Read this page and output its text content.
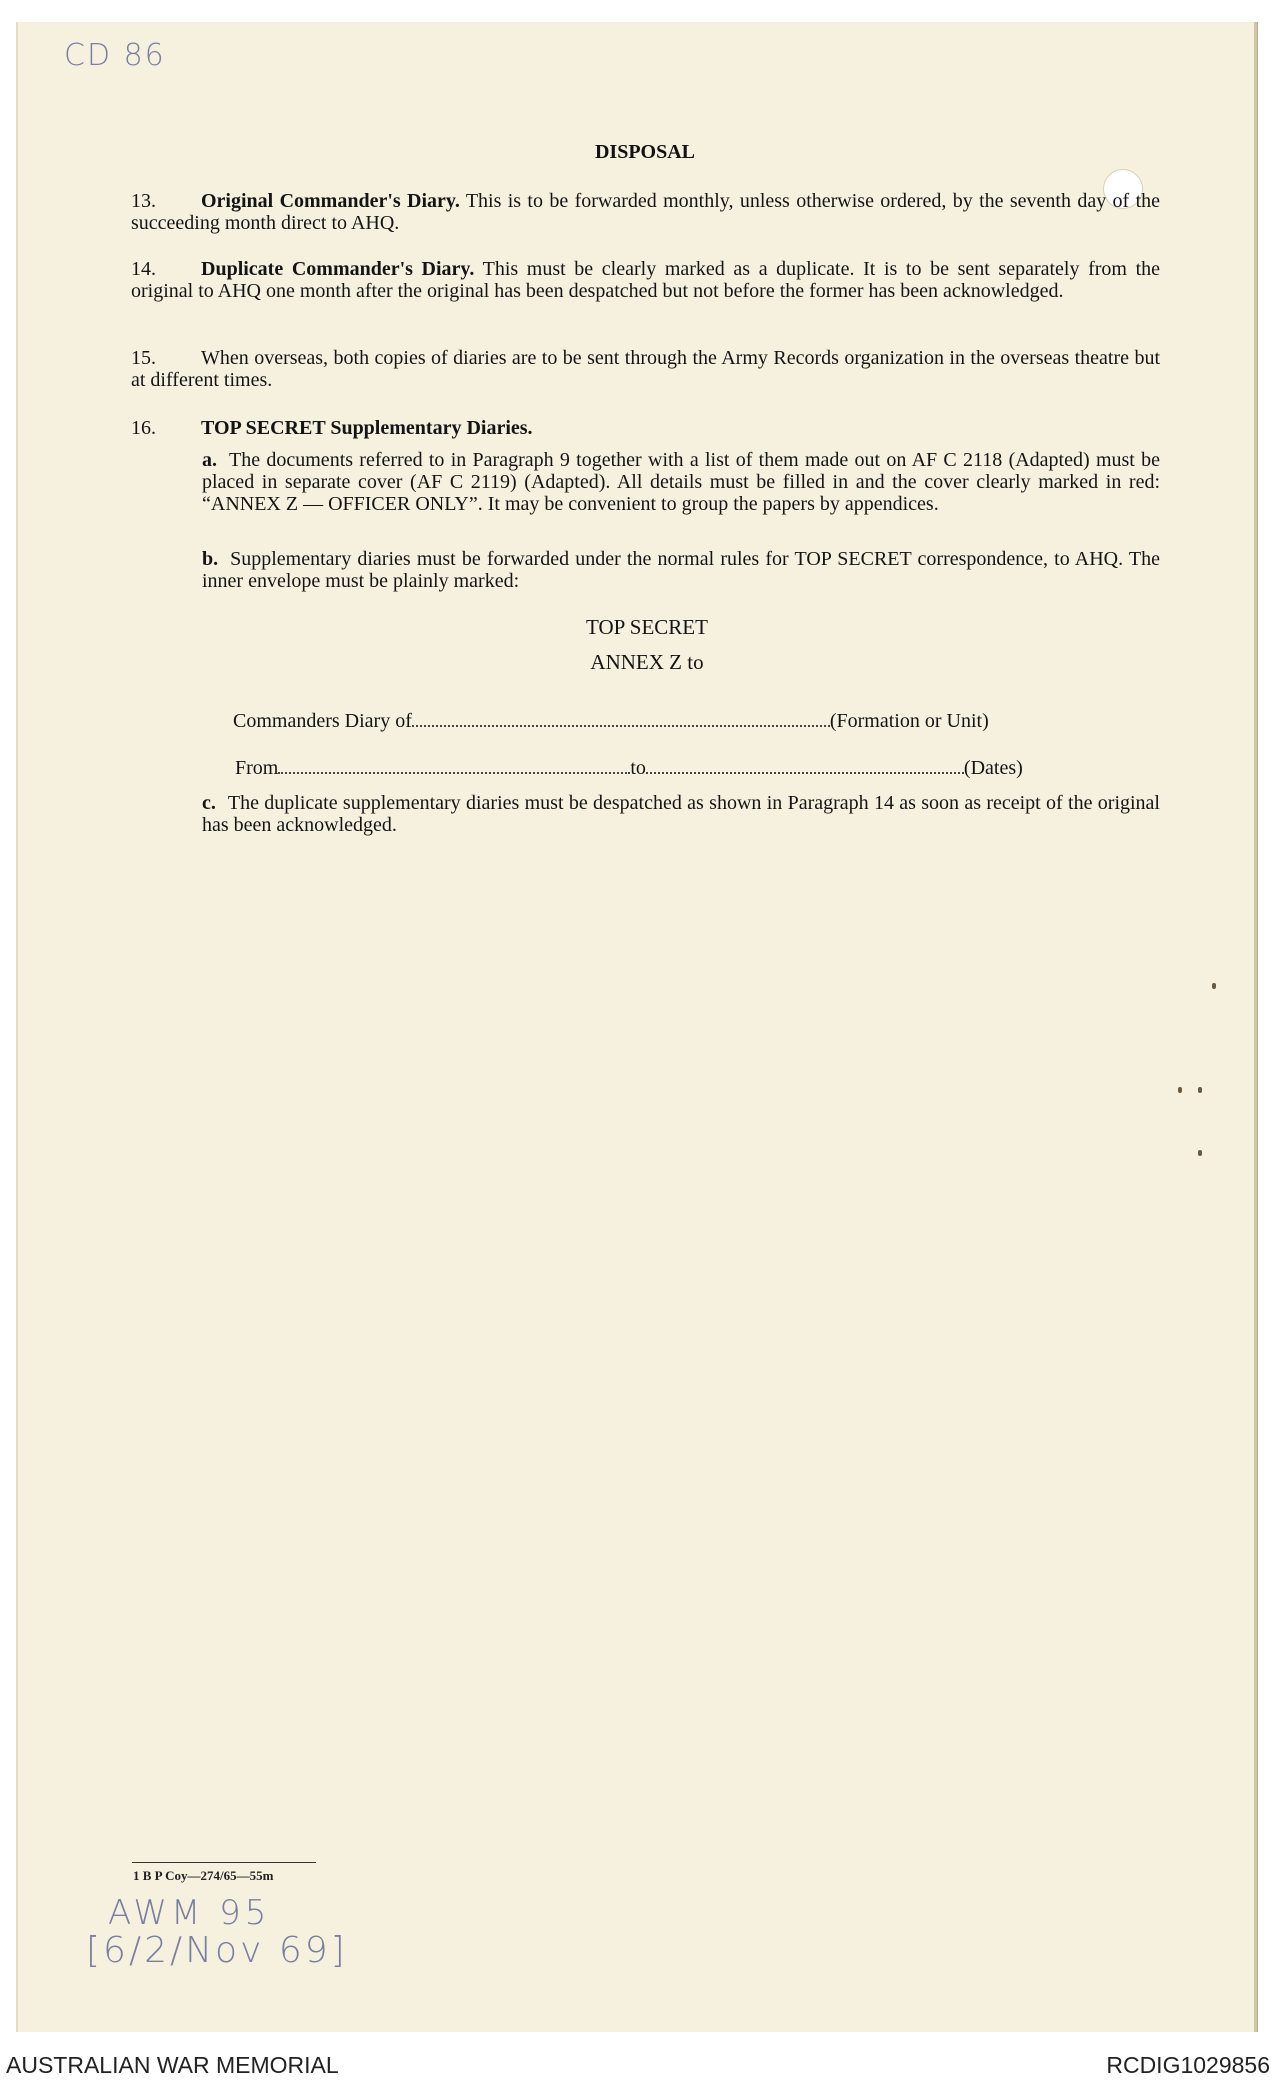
CD 86
DISPOSAL

13. Original Commander's Diary. This is to be forwarded monthly, unless otherwise ordered, by the seventh day of the succeeding month direct to AHQ.

14. Duplicate Commander's Diary. This must be clearly marked as a duplicate. It is to be sent separately from the original to AHQ one month after the original has been despatched but not before the former has been acknowledged.

15. When overseas, both copies of diaries are to be sent through the Army Records organization in the overseas theatre but at different times.

16. TOP SECRET Supplementary Diaries.

a. The documents referred to in Paragraph 9 together with a list of them made out on AF C 2118 (Adapted) must be placed in separate cover (AF C 2119) (Adapted). All details must be filled in and the cover clearly marked in red: “ANNEX Z — OFFICER ONLY”. It may be convenient to group the papers by appendices.

b. Supplementary diaries must be forwarded under the normal rules for TOP SECRET correspondence, to AHQ. The inner envelope must be plainly marked:

TOP SECRET
ANNEX Z to
Commanders Diary of	(Formation or Unit)
From	to	(Dates)

c. The duplicate supplementary diaries must be despatched as shown in Paragraph 14 as soon as receipt of the original has been acknowledged.

1 B P Coy—274/65—55m
AWM 95
[6/2/Nov 69]
AUSTRALIAN WAR MEMORIAL	RCDIG1029856
